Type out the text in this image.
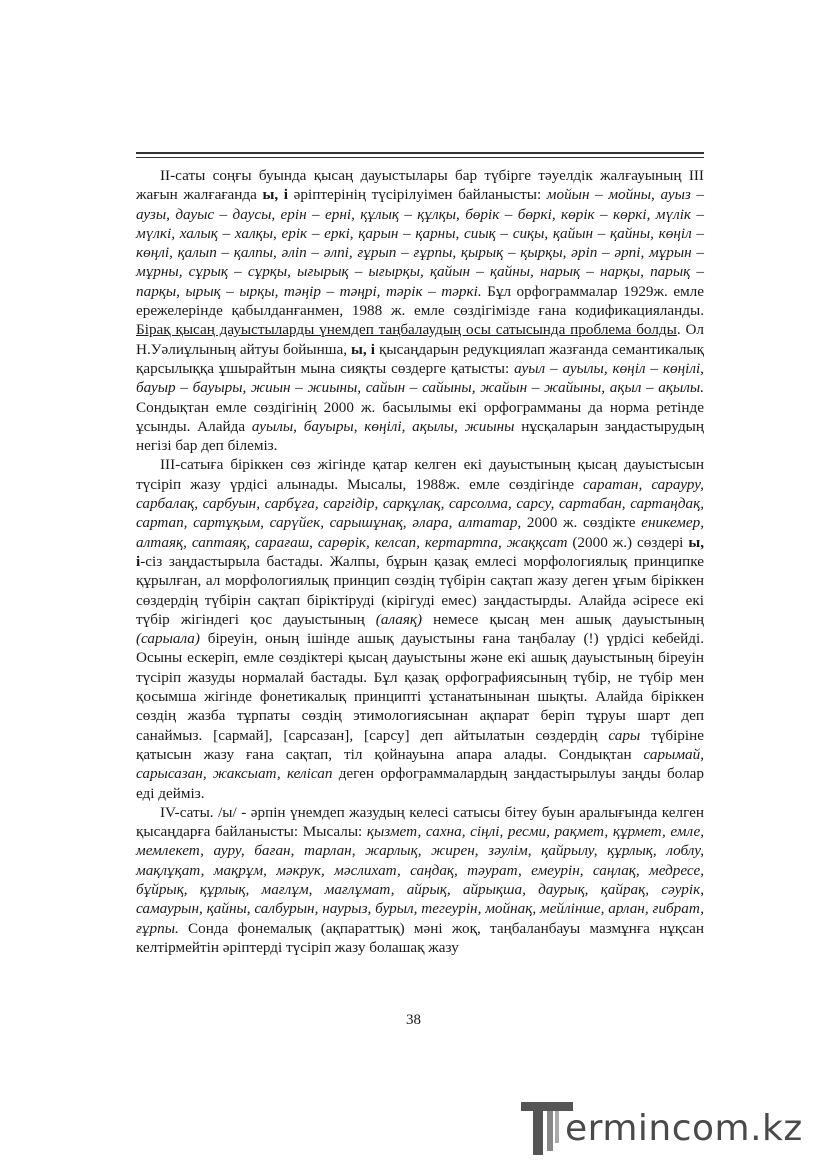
II-саты соңғы буында қысаң дауыстылары бар түбірге тәуелдік жалғауының III жағын жалғағанда ы, і әріптерінің түсірілуімен байланысты: мойын – мойны, ауыз – аузы, дауыс – даусы, ерін – ерні, құлық – құлқы, бөрік – бөркі, көрік – көркі, мүлік – мүлкі, халық – халқы, ерік – еркі, қарын – қарны, сиық – сиқы, қайын – қайны, көңіл – көңлі, қалып – қалпы, әліп – әлпі, ғұрып – ғұрпы, қырық – қырқы, әріп – әрпі, мұрын – мұрны, сұрық – сұрқы, ығырық – ығырқы, қайын – қайны, нарық – нарқы, парық – парқы, ырық – ырқы, тәңір – тәңрі, тәрік – тәркі. Бұл орфограммалар 1929ж. емле ережелерінде қабылданғанмен, 1988 ж. емле сөздігімізде ғана кодификацияланды. Бірақ қысаң дауыстыларды үнемдеп таңбалаудың осы сатысында проблема болды. Ол Н.Уәлиұлының айтуы бойынша, ы, і қысаңдарын редукциялап жазғанда семантикалық қарсылыққа ұшырайтын мына сияқты сөздерге қатысты: ауыл – ауылы, көңіл – көңілі, бауыр – бауыры, жиын – жиыны, сайын – сайыны, жайын – жайыны, ақыл – ақылы. Сондықтан емле сөздігінің 2000 ж. басылымы екі орфограмманы да норма ретінде ұсынды. Алайда ауылы, бауыры, көңілі, ақылы, жиыны нұсқаларын заңдастырудың негізі бар деп білеміз.

III-сатыға біріккен сөз жігінде қатар келген екі дауыстының қысаң дауыстысын түсіріп жазу үрдісі алынады. Мысалы, 1988ж. емле сөздігінде саратан, сарауру, сарбалақ, сарбуын, сарбұға, саргідір, сарқұлақ, сарсолма, сарсу, сартабан, сартаңдақ, сартап, сартұқым, сарүйек, сарышұнақ, әлара, алтатар, 2000 ж. сөздікте еникемер, алтаяқ, саптаяқ, сарағаш, сарөрік, келсап, кертартпа, жаққсат (2000 ж.) сөздері ы, і-сіз заңдастырыла бастады. Жалпы, бұрын қазақ емлесі морфологиялық принципке құрылған, ал морфологиялық принцип сөздің түбірін сақтап жазу деген ұғым біріккен сөздердің түбірін сақтап біріктіруді (кірігуді емес) заңдастырды. Алайда әсіресе екі түбір жігіндегі қос дауыстының (алаяқ) немесе қысаң мен ашық дауыстының (сарыала) біреуін, оның ішінде ашық дауыстыны ғана таңбалау (!) үрдісі кебейді. Осыны ескеріп, емле сөздіктері қысаң дауыстыны және екі ашық дауыстының біреуін түсіріп жазуды нормалай бастады. Бұл қазақ орфографиясының түбір, не түбір мен қосымша жігінде фонетикалық принципті ұстанатынынан шықты. Алайда біріккен сөздің жазба тұрпаты сөздің этимологиясынан ақпарат беріп тұруы шарт деп санаймыз. [сармай], [сарсазан], [сарсу] деп айтылатын сөздердің сары түбіріне қатысын жазу ғана сақтап, тіл қойнауына апара алады. Сондықтан сарымай, сарысазан, жаксыат, келісап деген орфограммалардың заңдастырылуы заңды болар еді деймiз.

IV-саты. /ы/ - әрпін үнемдеп жазудың келесі сатысы бітеу буын аралығында келген қысаңдарға байланысты: Мысалы: қызмет, сахна, сіңлі, ресми, рақмет, құрмет, емле, мемлекет, ауру, баған, тарлан, жарлық, жирен, зәулім, қайрылу, құрлық, лоблу, мақлұқат, мақрұм, мәкрук, мәслихат, саңдақ, тәурат, емеурін, саңлақ, медресе, бұйрық, құрлық, мағлұм, мағлұмат, айрық, айрықша, даурық, қайрақ, сәурік, самаурын, қайны, салбурын, наурыз, бурыл, тегеурін, мойнақ, мейлінше, арлан, ғибрат, ғұрпы. Сонда фонемалық (ақпараттық) мәні жоқ, таңбаланбауы мазмұнға нұқсан келтірмейтін әріптерді түсіріп жазу болашақ жазу

38
ermincom.kz
